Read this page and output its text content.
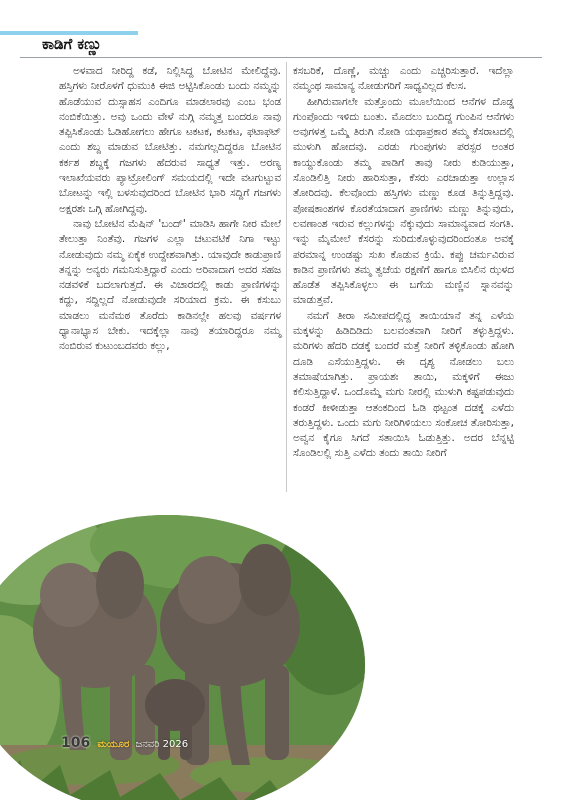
ಕಾಡಿಗೆ ಕಣ್ಣು

ಅಳವಾದ ನೀರಿದ್ದ ಕಡೆ, ನಿಲ್ಲಿಸಿದ್ದ ಬೋಟಿನ ಮೇಲಿದ್ದೆವು. ಹಸ್ತಿಗಳು ನೀರೊಳಗೆ ಧುಮುಕಿ ಈಜಿ ಅಟ್ಟಿಸಿಕೊಂಡು ಬಂದು ನಮ್ಮನ್ನು ಹೊಡೆಯುವ ದುಸ್ಸಾಹಸ ಎಂದಿಗೂ ಮಾಡಲಾರವು ಎಂಬ ಭಂಡ ನಂಬಿಕೆಯಿತ್ತು. ಅವು ಒಂದು ವೇಳೆ ನುಗ್ಗಿ ನಮ್ಮತ್ತ ಬಂದರೂ ನಾವು ತಪ್ಪಿಸಿಕೊಂಡು ಓಡಿಹೋಗಲು ಹೇಗೂ ಟಕಟಕ, ಕಟಕಟ, ಫಟಾಫಟ್ ಎಂದು ಶಬ್ದ ಮಾಡುವ ಬೋಟಿತ್ತು. ನಮಗಲ್ಲದಿದ್ದರೂ ಬೋಟಿನ ಕರ್ಕಶ ಶಬ್ದಕ್ಕೆ ಗಜಗಳು ಹೆದರುವ ಸಾಧ್ಯತೆ ಇತ್ತು. ಅರಣ್ಯ ಇಲಾಖೆಯವರು ಪ್ಯಾಟ್ರೋಲಿಂಗ್ ಸಮಯದಲ್ಲಿ ಇದೇ ವಟಗುಟ್ಟುವ ಬೋಟನ್ನು ಇಲ್ಲಿ ಬಳಸುವುದರಿಂದ ಬೋಟಿನ ಭಾರಿ ಸದ್ದಿಗೆ ಗಜಗಳು ಅಕ್ಷರಶಃ ಒಗ್ಗಿ ಹೋಗಿದ್ದವು.

ನಾವು ಬೋಟಿನ ಮೆಷಿನ್ 'ಬಂದ್' ಮಾಡಿಸಿ ಹಾಗೇ ನೀರ ಮೇಲೆ ತೇಲುತ್ತಾ ನಿಂತೆವು. ಗಜಗಳ ಎಲ್ಲಾ ಚಟುವಟಿಕೆ ನಿಗಾ ಇಟ್ಟು ನೋಡುವುದು ನಮ್ಮ ಏಕೈಕ ಉದ್ದೇಶವಾಗಿತ್ತು. ಯಾವುದೇ ಕಾಡುಪ್ರಾಣಿ ತನ್ನನ್ನು ಅನ್ಯರು ಗಮನಿಸುತ್ತಿದ್ದಾರೆ ಎಂದು ಅರಿವಾದಾಗ ಅದರ ಸಹಜ ನಡವಳಿಕೆ ಬದಲಾಗುತ್ತದೆ. ಈ ವಿಚಾರದಲ್ಲಿ ಕಾಡು ಪ್ರಾಣಿಗಳನ್ನು ಕದ್ದು, ಸದ್ದಿಲ್ಲದೆ ನೋಡುವುದೇ ಸರಿಯಾದ ಕ್ರಮ. ಈ ಕಸುಬು ಮಾಡಲು ಮನೆಮಠ ತೊರೆದು ಕಾಡಿನಲ್ಲೇ ಹಲವು ವರ್ಷಗಳ ಧ್ಯಾನಾಭ್ಯಾಸ ಬೇಕು. ಇದಕ್ಕೆಲ್ಲಾ ನಾವು ತಯಾರಿದ್ದರೂ ನಮ್ಮ ನಂಬಿರುವ ಕುಟುಂಬದವರು ಕಲ್ಲು,

ಕಸಬರಿಕೆ, ದೊಣ್ಣೆ, ಮಚ್ಚು ಎಂದು ಎಚ್ಚರಿಸುತ್ತಾರೆ. ಇದೆಲ್ಲಾ ನಮ್ಮಂಥ ಸಾಮಾನ್ಯ ನೋಡುಗರಿಗೆ ಸಾಧ್ಯವಿಲ್ಲದ ಕೆಲಸ.

ಹೀಗಿರುವಾಗಲೇ ಮತ್ತೊಂದು ಮೂಲೆಯಿಂದ ಆನೆಗಳ ದೊಡ್ಡ ಗುಂಪೊಂದು ಇಳಿದು ಬಂತು. ಮೊದಲು ಬಂದಿದ್ದ ಗುಂಪಿನ ಆನೆಗಳು ಅವುಗಳತ್ತ ಒಮ್ಮೆ ತಿರುಗಿ ನೋಡಿ ಯಥಾಪ್ರಕಾರ ತಮ್ಮ ಕೆಸರಾಟದಲ್ಲಿ ಮುಳುಗಿ ಹೋದವು. ಎರಡು ಗುಂಪುಗಳು ಪರಸ್ಪರ ಅಂತರ ಕಾಯ್ದುಕೊಂಡು ತಮ್ಮ ಪಾಡಿಗೆ ತಾವು ನೀರು ಕುಡಿಯುತ್ತಾ, ಸೊಂಡಿಲಿತ್ತಿ ನೀರು ಹಾರಿಸುತ್ತಾ, ಕೆಸರು ಎರಚಾಡುತ್ತಾ ಉಲ್ಲಾಸ ತೋರಿದವು. ಕೆಲವೊಂದು ಹಸ್ತಿಗಳು ಮಣ್ಣು ಕೂಡ ತಿನ್ನುತ್ತಿದ್ದವು. ಪೋಷಕಾಂಶಗಳ ಕೊರತೆಯಾದಾಗ ಪ್ರಾಣಿಗಳು ಮಣ್ಣು ತಿನ್ನುವುದು, ಲವಣಾಂಶ ಇರುವ ಕಲ್ಲುಗಳನ್ನು ನೆಕ್ಕುವುದು ಸಾಮಾನ್ಯವಾದ ಸಂಗತಿ. ಇನ್ನು ಮೈಮೇಲೆ ಕೆಸರನ್ನು ಸುರಿದುಕೊಳ್ಳುವುದರಿಂದಂತೂ ಅವಕ್ಕೆ ಪರಮಾನ್ನ ಉಂಡಷ್ಟು ಸುಖ ಕೊಡುವ ಕ್ರಿಯೆ. ಕಪ್ಪು ಚರ್ಮವಿರುವ ಕಾಡಿನ ಪ್ರಾಣಿಗಳು ತಮ್ಮ ತ್ವಚೆಯ ರಕ್ಷಣೆಗೆ ಹಾಗೂ ಬಿಸಿಲಿನ ಝಳದ ಹೊಡೆತ ತಪ್ಪಿಸಿಕೊಳ್ಳಲು ಈ ಬಗೆಯ ಮಣ್ಣಿನ ಸ್ನಾನವನ್ನು ಮಾಡುತ್ತವೆ.

ನಮಗೆ ತೀರಾ ಸಮೀಪದಲ್ಲಿದ್ದ ತಾಯಿಯಾನೆ ತನ್ನ ಎಳೆಯ ಮಕ್ಕಳನ್ನು ಹಿಡಿದಿಡಿದು ಬಲವಂತವಾಗಿ ನೀರಿಗೆ ತಳ್ಳುತ್ತಿದ್ದಳು. ಮರಿಗಳು ಹೆದರಿ ದಡಕ್ಕೆ ಬಂದರೆ ಮತ್ತೆ ನೀರಿಗೆ ತಳ್ಳಿಕೊಂಡು ಹೋಗಿ ದೂಡಿ ಎಸೆಯುತ್ತಿದ್ದಳು. ಈ ದೃಶ್ಯ ನೋಡಲು ಬಲು ತಮಾಷೆಯಾಗಿತ್ತು. ಪ್ರಾಯಶಃ ತಾಯಿ, ಮಕ್ಕಳಿಗೆ ಈಜು ಕಲಿಸುತ್ತಿದ್ದಾಳೆ. ಒಂದೊಮ್ಮೆ ಮಗು ನೀರಲ್ಲಿ ಮುಳುಗಿ ಕಷ್ಟಪಡುವುದು ಕಂಡರೆ ಕೀಳೀಡುತ್ತಾ ಆತಂಕದಿಂದ ಓಡಿ ಥಟ್ಟಂತ ದಡಕ್ಕೆ ಎಳೆದು ತರುತ್ತಿದ್ದಳು. ಒಂದು ಮಗು ನೀರಿಗಿಳಿಯಲು ಸಂಕೋಚ ತೋರಿಸುತ್ತಾ, ಅವ್ವನ ಕೈಗೂ ಸಿಗದೆ ಸತಾಯಿಸಿ ಓಡುತ್ತಿತ್ತು. ಅದರ ಬೆನ್ನಟ್ಟಿ ಸೊಂಡಿಲಲ್ಲಿ ಸುತ್ತಿ ಎಳೆದು ತಂದು ತಾಯಿ ನೀರಿಗೆ

106 ಮಯೂರ ಜನವರಿ 2026
